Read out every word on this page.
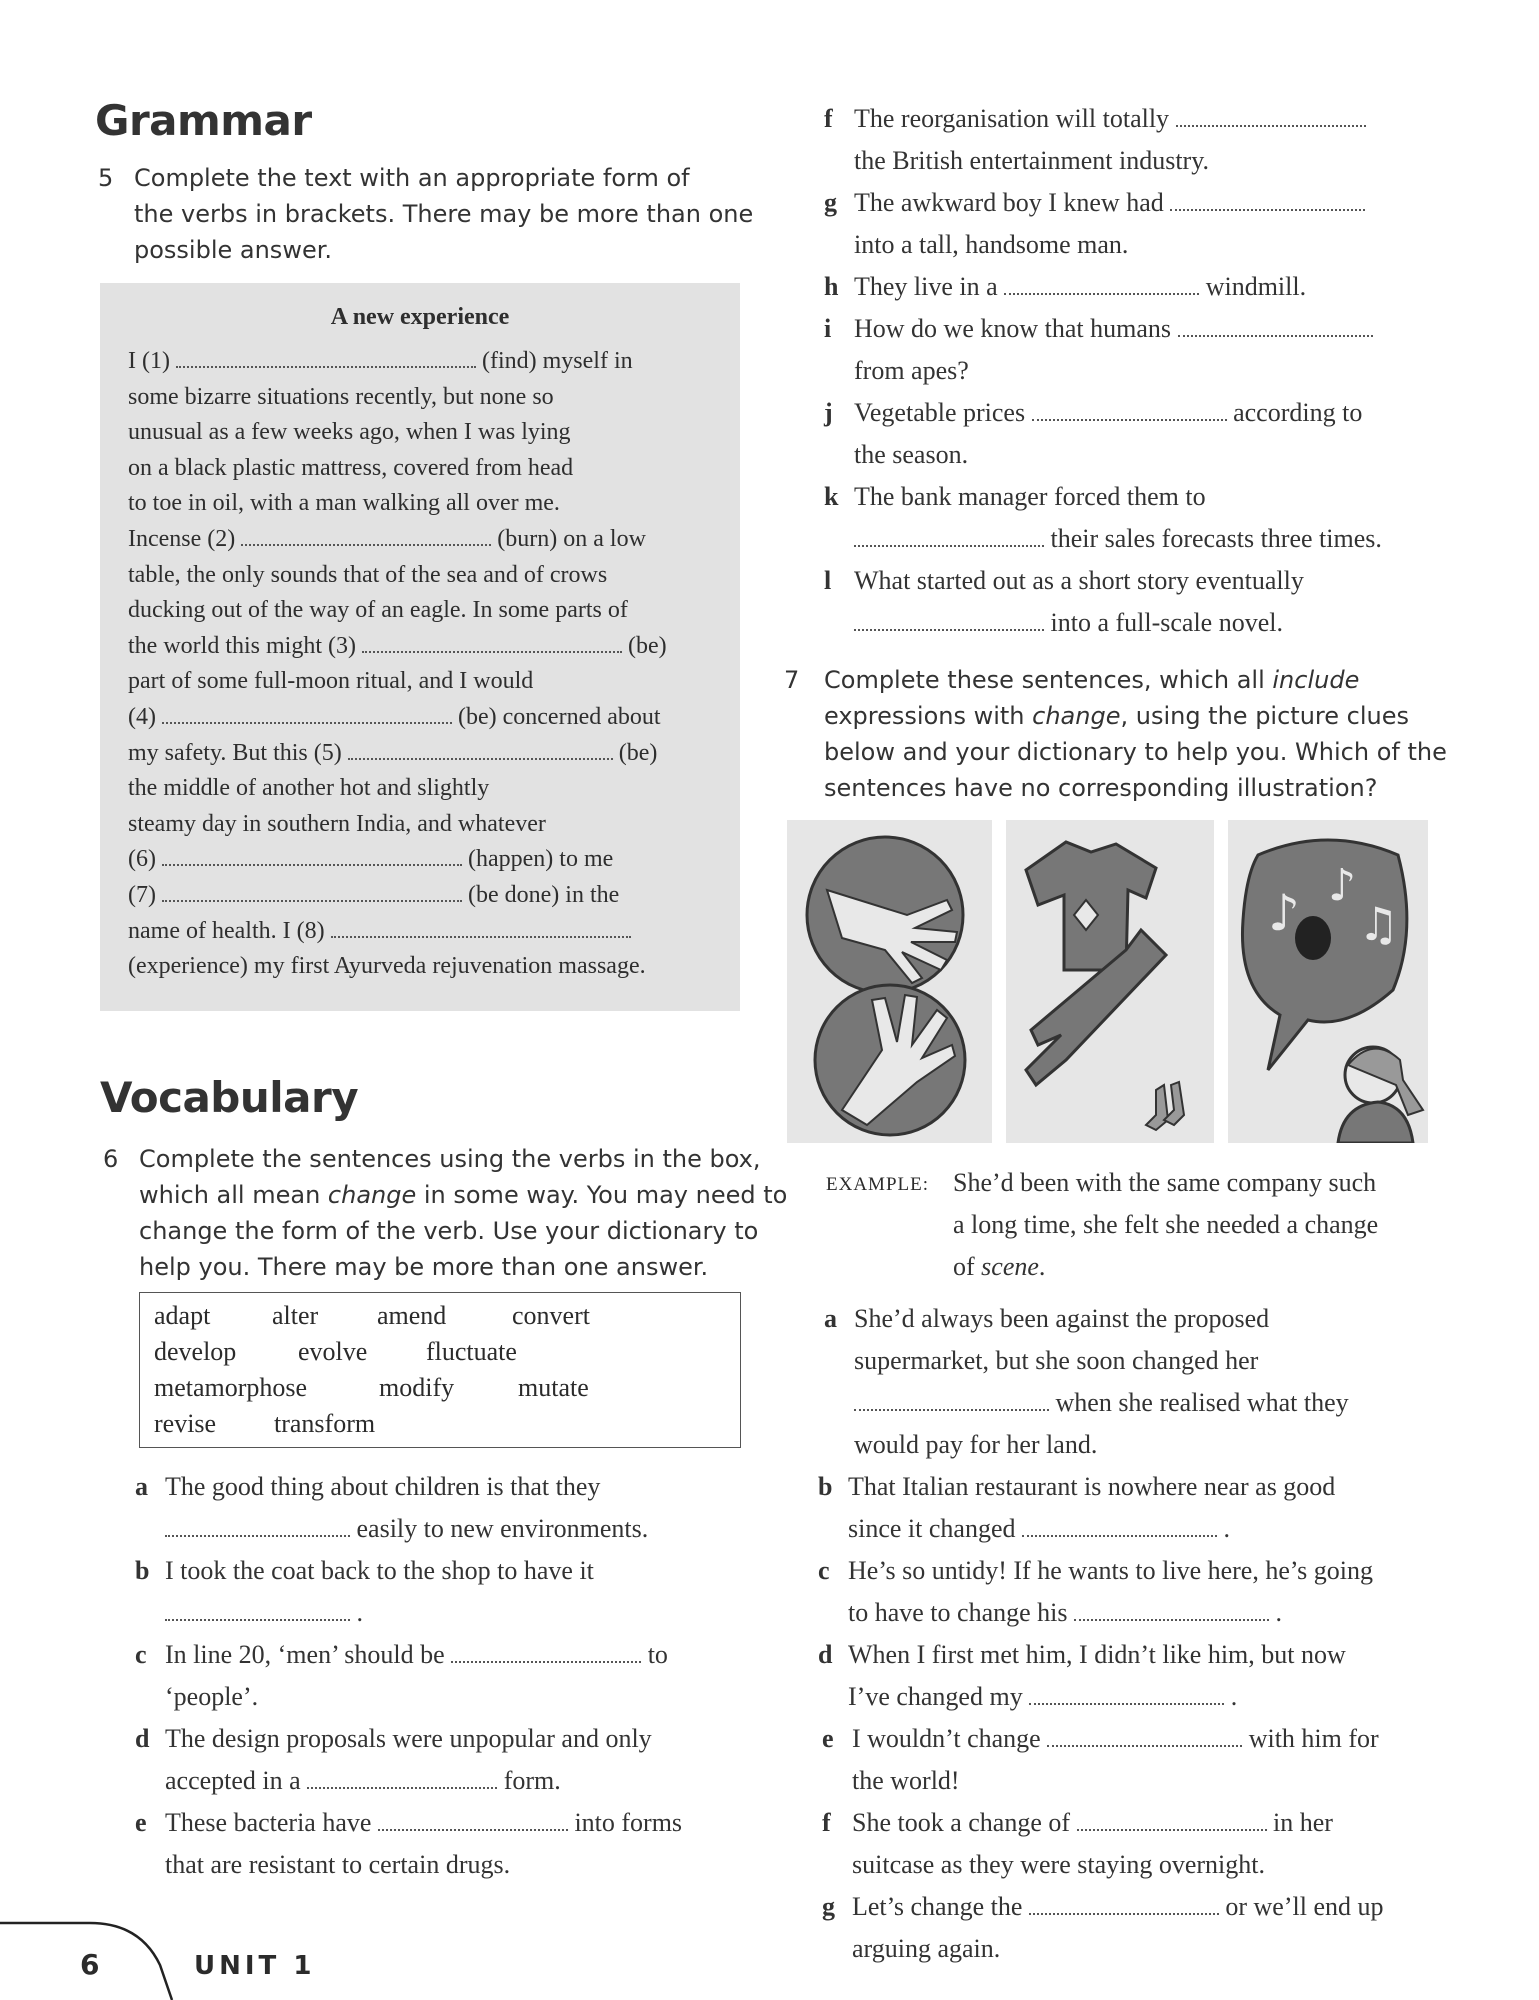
Grammar
5 Complete the text with an appropriate form of
the verbs in brackets. There may be more than one
possible answer.
A new experience
I (1)	(find) myself in
some bizarre situations recently, but none so
unusual as a few weeks ago, when I was lying
on a black plastic mattress, covered from head
to toe in oil, with a man walking all over me.
Incense (2)	(burn) on a low
table, the only sounds that of the sea and of crows
ducking out of the way of an eagle. In some parts of
the world this might (3)	(be)
part of some full-moon ritual, and I would
(4)	(be) concerned about
my safety. But this (5)	(be)
the middle of another hot and slightly
steamy day in southern India, and whatever
(6)	(happen) to me
(7)	(be done) in the
name of health. I (8)
(experience) my first Ayurveda rejuvenation massage.
Vocabulary
6 Complete the sentences using the verbs in the box,
which all mean change in some way. You may need to
change the form of the verb. Use your dictionary to
help you. There may be more than one answer.
adapt alter amend	convert
develop evolve fluctuate
metamorphose	modify mutate
revise transform
a The good thing about children is that they
easily to new environments.
b I took the coat back to the shop to have it
.
c In line 20, ‘men’ should be	to
‘people’.
d The design proposals were unpopular and only
accepted in a	form.
e These bacteria have	into forms
that are resistant to certain drugs.
f The reorganisation will totally
the British entertainment industry.
g The awkward boy I knew had
into a tall, handsome man.
h They live in a	windmill.
i How do we know that humans
from apes?
j Vegetable prices	according to
the season.
k The bank manager forced them to
their sales forecasts three times.
l What started out as a short story eventually
into a full-scale novel.
7 Complete these sentences, which all include
expressions with change, using the picture clues
below and your dictionary to help you. Which of the
sentences have no corresponding illustration?
♪ ♪
♫
EXAMPLE: She’d been with the same company such
a long time, she felt she needed a change
of scene.
a She’d always been against the proposed
supermarket, but she soon changed her
when she realised what they
would pay for her land.
b That Italian restaurant is nowhere near as good
since it changed	.
c He’s so untidy! If he wants to live here, he’s going
to have to change his	.
d When I first met him, I didn’t like him, but now
I’ve changed my	.
e I wouldn’t change	with him for
the world!
f She took a change of	in her
suitcase as they were staying overnight.
g Let’s change the	or we’ll end up
arguing again.
6	UNIT 1
